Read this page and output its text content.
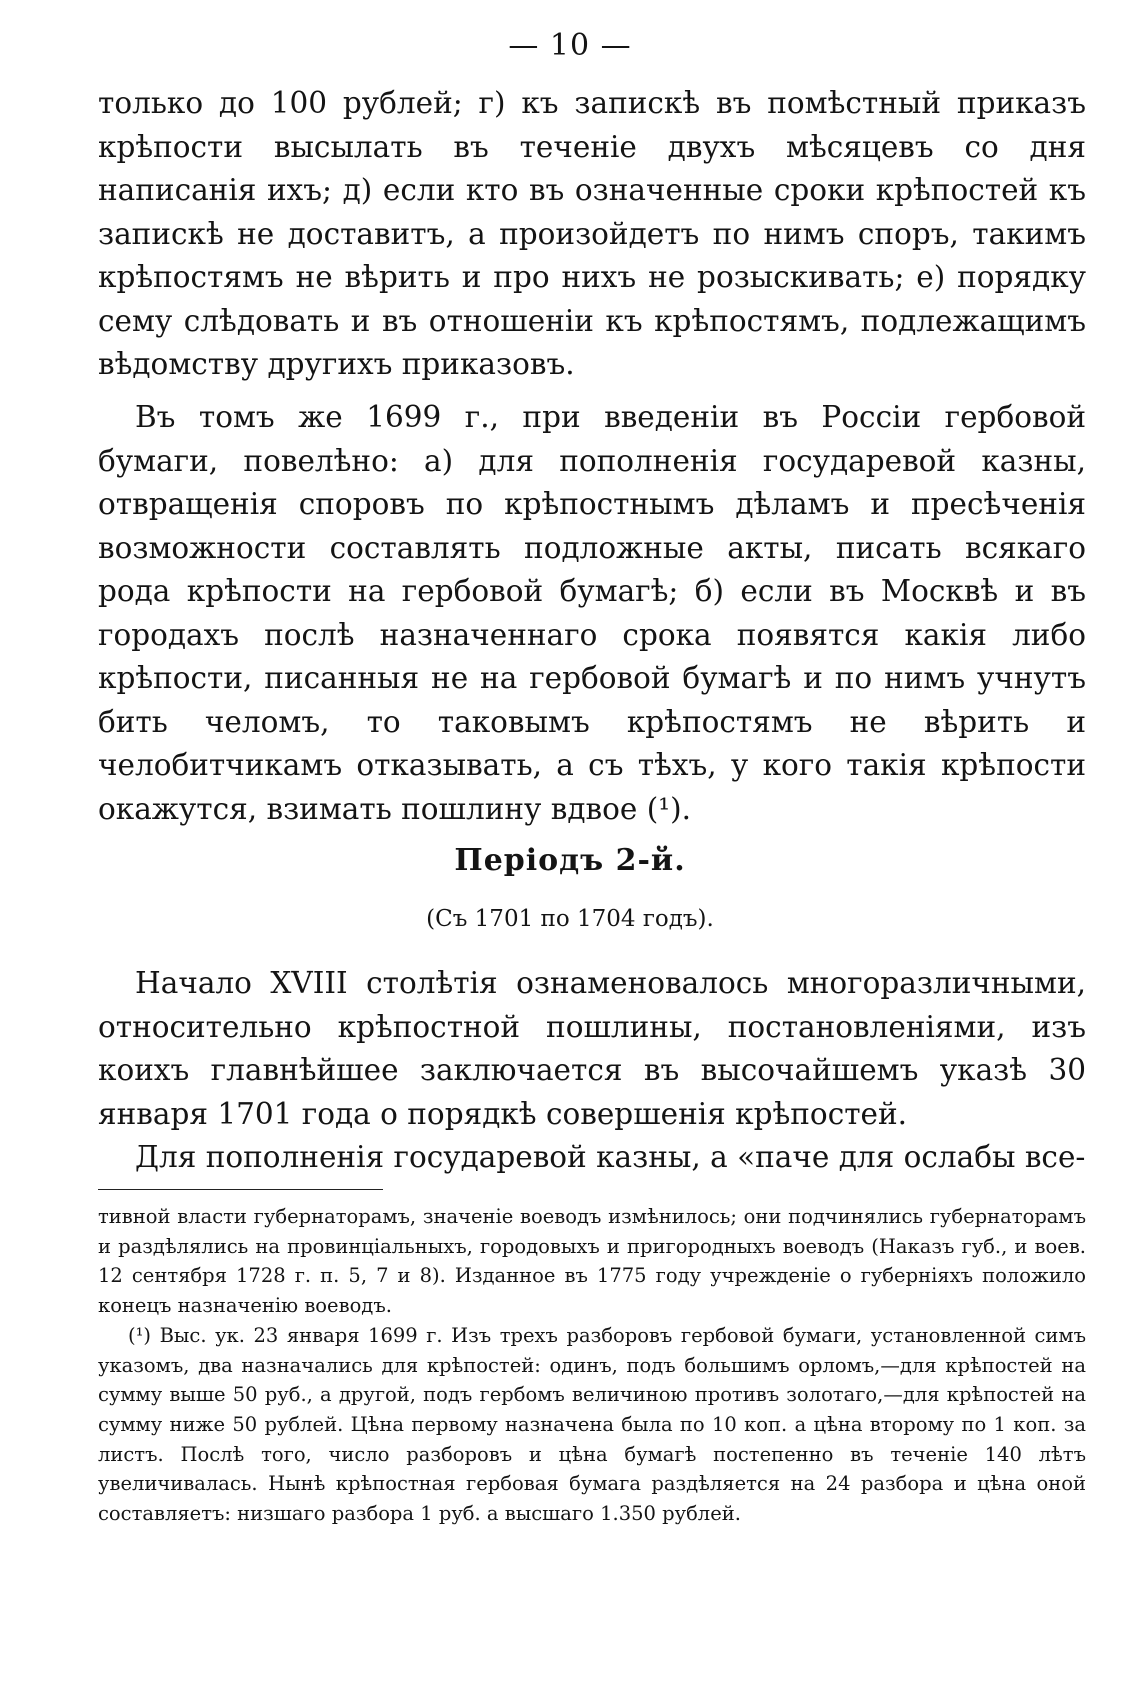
— 10 —

только до 100 рублей; г) къ запискѣ въ помѣстный приказъ крѣпости высылать въ теченіе двухъ мѣсяцевъ со дня написанія ихъ; д) если кто въ означенные сроки крѣпостей къ запискѣ не доставитъ, а произойдетъ по нимъ споръ, такимъ крѣпостямъ не вѣрить и про нихъ не розыскивать; е) порядку сему слѣдовать и въ отношеніи къ крѣпостямъ, подлежащимъ вѣдомству другихъ приказовъ.

Въ томъ же 1699 г., при введеніи въ Россіи гербовой бумаги, повелѣно: а) для пополненія государевой казны, отвращенія споровъ по крѣпостнымъ дѣламъ и пресѣченія возможности составлять подложные акты, писать всякаго рода крѣпости на гербовой бумагѣ; б) если въ Москвѣ и въ городахъ послѣ назначеннаго срока появятся какія либо крѣпости, писанныя не на гербовой бумагѣ и по нимъ учнутъ бить челомъ, то таковымъ крѣпостямъ не вѣрить и челобитчикамъ отказывать, а съ тѣхъ, у кого такія крѣпости окажутся, взимать пошлину вдвое (¹).

Періодъ 2-й.
(Съ 1701 по 1704 годъ).

Начало XVIII столѣтія ознаменовалось многоразличными, относительно крѣпостной пошлины, постановленіями, изъ коихъ главнѣйшее заключается въ высочайшемъ указѣ 30 января 1701 года о порядкѣ совершенія крѣпостей.

Для пополненія государевой казны, а «паче для ослабы все-

тивной власти губернаторамъ, значеніе воеводъ измѣнилось; они подчинялись губернаторамъ и раздѣлялись на провинціальныхъ, городовыхъ и пригородныхъ воеводъ (Наказъ губ., и воев. 12 сентября 1728 г. п. 5, 7 и 8). Изданное въ 1775 году учрежденіе о губерніяхъ положило конецъ назначенію воеводъ.

(¹) Выс. ук. 23 января 1699 г. Изъ трехъ разборовъ гербовой бумаги, установленной симъ указомъ, два назначались для крѣпостей: одинъ, подъ большимъ орломъ,—для крѣпостей на сумму выше 50 руб., а другой, подъ гербомъ величиною противъ золотаго,—для крѣпостей на сумму ниже 50 рублей. Цѣна первому назначена была по 10 коп. а цѣна второму по 1 коп. за листъ. Послѣ того, число разборовъ и цѣна бумагѣ постепенно въ теченіе 140 лѣтъ увеличивалась. Нынѣ крѣпостная гербовая бумага раздѣляется на 24 разбора и цѣна оной составляетъ: низшаго разбора 1 руб. а высшаго 1.350 рублей.
